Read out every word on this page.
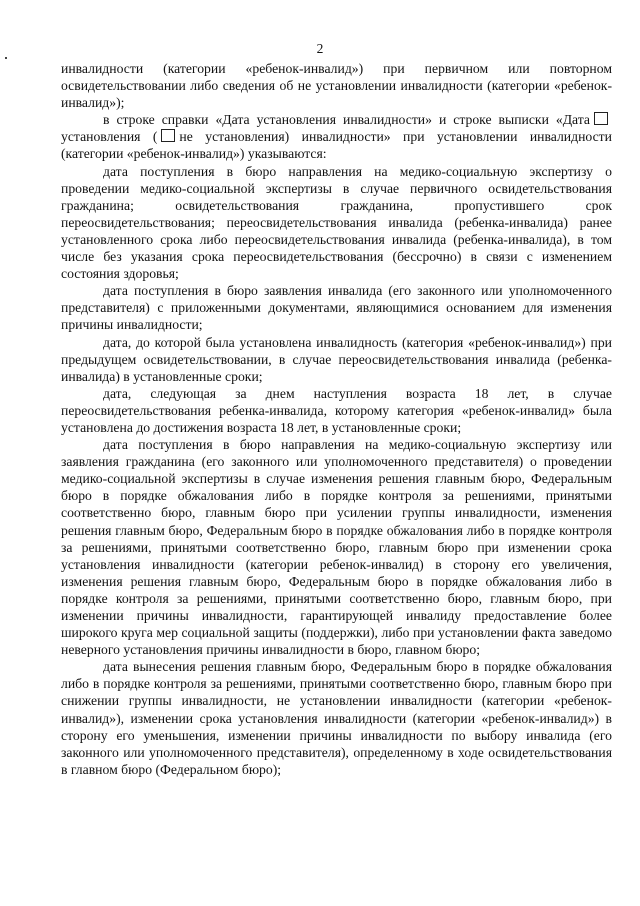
2

инвалидности (категории «ребенок-инвалид») при первичном или повторном освидетельствовании либо сведения об не установлении инвалидности (категории «ребенок-инвалид»);

в строке справки «Дата установления инвалидности» и строке выписки «Датаустановления ( не установления) инвалидности» при установлении инвалидности (категории «ребенок-инвалид») указываются:

дата поступления в бюро направления на медико-социальную экспертизу о проведении медико-социальной экспертизы в случае первичного освидетельствования гражданина; освидетельствования гражданина, пропустившего срок переосвидетельствования; переосвидетельствования инвалида (ребенка-инвалида) ранее установленного срока либо переосвидетельствования инвалида (ребенка-инвалида), в том числе без указания срока переосвидетельствования (бессрочно) в связи с изменением состояния здоровья;

дата поступления в бюро заявления инвалида (его законного или уполномоченного представителя) с приложенными документами, являющимися основанием для изменения причины инвалидности;

дата, до которой была установлена инвалидность (категория «ребенок-инвалид») при предыдущем освидетельствовании, в случае переосвидетельствования инвалида (ребенка-инвалида) в установленные сроки;

дата, следующая за днем наступления возраста 18 лет, в случае переосвидетельствования ребенка-инвалида, которому категория «ребенок-инвалид» была установлена до достижения возраста 18 лет, в установленные сроки;

дата поступления в бюро направления на медико-социальную экспертизу или заявления гражданина (его законного или уполномоченного представителя) о проведении медико-социальной экспертизы в случае изменения решения главным бюро, Федеральным бюро в порядке обжалования либо в порядке контроля за решениями, принятыми соответственно бюро, главным бюро при усилении группы инвалидности, изменения решения главным бюро, Федеральным бюро в порядке обжалования либо в порядке контроля за решениями, принятыми соответственно бюро, главным бюро при изменении срока установления инвалидности (категории ребенок-инвалид) в сторону его увеличения, изменения решения главным бюро, Федеральным бюро в порядке обжалования либо в порядке контроля за решениями, принятыми соответственно бюро, главным бюро, при изменении причины инвалидности, гарантирующей инвалиду предоставление более широкого круга мер социальной защиты (поддержки), либо при установлении факта заведомо неверного установления причины инвалидности в бюро, главном бюро;

дата вынесения решения главным бюро, Федеральным бюро в порядке обжалования либо в порядке контроля за решениями, принятыми соответственно бюро, главным бюро при снижении группы инвалидности, не установлении инвалидности (категории «ребенок-инвалид»), изменении срока установления инвалидности (категории «ребенок-инвалид») в сторону его уменьшения, изменении причины инвалидности по выбору инвалида (его законного или уполномоченного представителя), определенному в ходе освидетельствования в главном бюро (Федеральном бюро);
